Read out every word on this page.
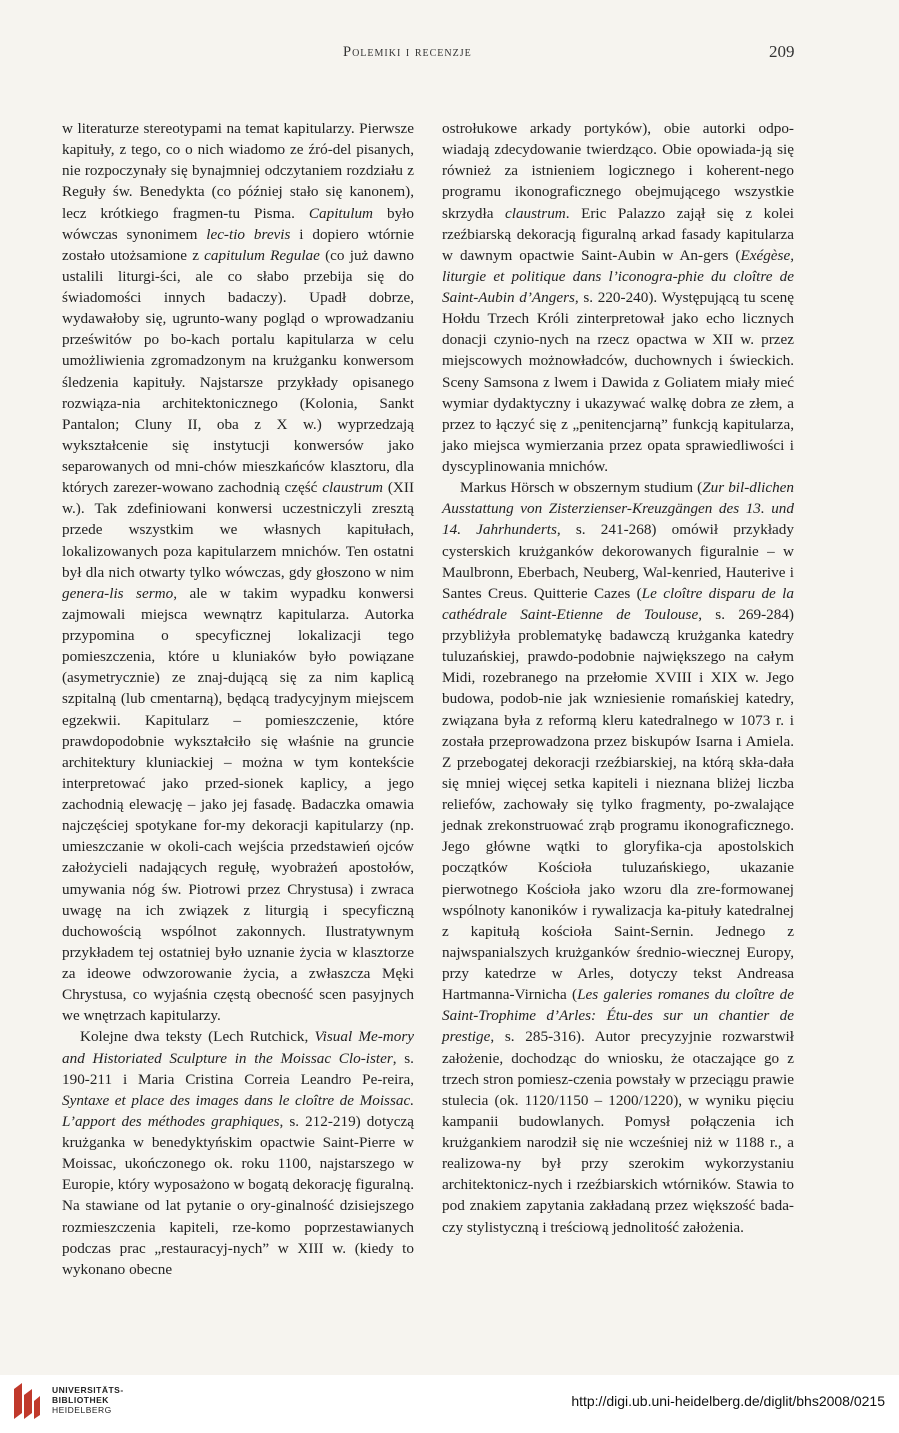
Polemiki i recenzje	209

w literaturze stereotypami na temat kapitularzy. Pierwsze kapituły, z tego, co o nich wiadomo ze źró-del pisanych, nie rozpoczynały się bynajmniej odczytaniem rozdziału z Reguły św. Benedykta (co później stało się kanonem), lecz krótkiego fragmen-tu Pisma. Capitulum było wówczas synonimem lec-tio brevis i dopiero wtórnie zostało utożsamione z capitulum Regulae (co już dawno ustalili liturgi-ści, ale co słabo przebija się do świadomości innych badaczy). Upadł dobrze, wydawałoby się, ugrunto-wany pogląd o wprowadzaniu prześwitów po bo-kach portalu kapitularza w celu umożliwienia zgromadzonym na krużganku konwersom śledzenia kapituły. Najstarsze przykłady opisanego rozwiąza-nia architektonicznego (Kolonia, Sankt Pantalon; Cluny II, oba z X w.) wyprzedzają wykształcenie się instytucji konwersów jako separowanych od mni-chów mieszkańców klasztoru, dla których zarezer-wowano zachodnią część claustrum (XII w.). Tak zdefiniowani konwersi uczestniczyli zresztą przede wszystkim we własnych kapitułach, lokalizowanych poza kapitularzem mnichów. Ten ostatni był dla nich otwarty tylko wówczas, gdy głoszono w nim genera-lis sermo, ale w takim wypadku konwersi zajmowali miejsca wewnątrz kapitularza. Autorka przypomina o specyficznej lokalizacji tego pomieszczenia, które u kluniaków było powiązane (asymetrycznie) ze znaj-dującą się za nim kaplicą szpitalną (lub cmentarną), będącą tradycyjnym miejscem egzekwii. Kapitularz – pomieszczenie, które prawdopodobnie wykształciło się właśnie na gruncie architektury kluniackiej – można w tym kontekście interpretować jako przed-sionek kaplicy, a jego zachodnią elewację – jako jej fasadę. Badaczka omawia najczęściej spotykane for-my dekoracji kapitularzy (np. umieszczanie w okoli-cach wejścia przedstawień ojców założycieli nadających regułę, wyobrażeń apostołów, umywania nóg św. Piotrowi przez Chrystusa) i zwraca uwagę na ich związek z liturgią i specyficzną duchowością wspólnot zakonnych. Ilustratywnym przykładem tej ostatniej było uznanie życia w klasztorze za ideowe odwzorowanie życia, a zwłaszcza Męki Chrystusa, co wyjaśnia częstą obecność scen pasyjnych we wnętrzach kapitularzy.

Kolejne dwa teksty (Lech Rutchick, Visual Me-mory and Historiated Sculpture in the Moissac Clo-ister, s. 190-211 i Maria Cristina Correia Leandro Pe-reira, Syntaxe et place des images dans le cloître de Moissac. L’apport des méthodes graphiques, s. 212-219) dotyczą krużganka w benedyktyńskim opactwie Saint-Pierre w Moissac, ukończonego ok. roku 1100, najstarszego w Europie, który wyposażono w bogatą dekorację figuralną. Na stawiane od lat pytanie o ory-ginalność dzisiejszego rozmieszczenia kapiteli, rze-komo poprzestawianych podczas prac „restauracyj-nych” w XIII w. (kiedy to wykonano obecne

ostrołukowe arkady portyków), obie autorki odpo-wiadają zdecydowanie twierdząco. Obie opowiada-ją się również za istnieniem logicznego i koherent-nego programu ikonograficznego obejmującego wszystkie skrzydła claustrum. Eric Palazzo zajął się z kolei rzeźbiarską dekoracją figuralną arkad fasady kapitularza w dawnym opactwie Saint-Aubin w An-gers (Exégèse, liturgie et politique dans l’iconogra-phie du cloître de Saint-Aubin d’Angers, s. 220-240). Występującą tu scenę Hołdu Trzech Króli zinterpretował jako echo licznych donacji czynio-nych na rzecz opactwa w XII w. przez miejscowych możnowładców, duchownych i świeckich. Sceny Samsona z lwem i Dawida z Goliatem miały mieć wymiar dydaktyczny i ukazywać walkę dobra ze złem, a przez to łączyć się z „penitencjarną” funkcją kapitularza, jako miejsca wymierzania przez opata sprawiedliwości i dyscyplinowania mnichów.

Markus Hörsch w obszernym studium (Zur bil-dlichen Ausstattung von Zisterzienser-Kreuzgängen des 13. und 14. Jahrhunderts, s. 241-268) omówił przykłady cysterskich krużganków dekorowanych figuralnie – w Maulbronn, Eberbach, Neuberg, Wal-kenried, Hauterive i Santes Creus. Quitterie Cazes (Le cloître disparu de la cathédrale Saint-Etienne de Toulouse, s. 269-284) przybliżyła problematykę badawczą krużganka katedry tuluzańskiej, prawdo-podobnie największego na całym Midi, rozebranego na przełomie XVIII i XIX w. Jego budowa, podob-nie jak wzniesienie romańskiej katedry, związana była z reformą kleru katedralnego w 1073 r. i została przeprowadzona przez biskupów Isarna i Amiela. Z przebogatej dekoracji rzeźbiarskiej, na którą skła-dała się mniej więcej setka kapiteli i nieznana bliżej liczba reliefów, zachowały się tylko fragmenty, po-zwalające jednak zrekonstruować zrąb programu ikonograficznego. Jego główne wątki to gloryfika-cja apostolskich początków Kościoła tuluzańskiego, ukazanie pierwotnego Kościoła jako wzoru dla zre-formowanej wspólnoty kanoników i rywalizacja ka-pituły katedralnej z kapitułą kościoła Saint-Sernin. Jednego z najwspanialszych krużganków średnio-wiecznej Europy, przy katedrze w Arles, dotyczy tekst Andreasa Hartmanna-Virnicha (Les galeries romanes du cloître de Saint-Trophime d’Arles: Étu-des sur un chantier de prestige, s. 285-316). Autor precyzyjnie rozwarstwił założenie, dochodząc do wniosku, że otaczające go z trzech stron pomiesz-czenia powstały w przeciągu prawie stulecia (ok. 1120/1150 – 1200/1220), w wyniku pięciu kampanii budowlanych. Pomysł połączenia ich krużgankiem narodził się nie wcześniej niż w 1188 r., a realizowa-ny był przy szerokim wykorzystaniu architektonicz-nych i rzeźbiarskich wtórników. Stawia to pod znakiem zapytania zakładaną przez większość bada-czy stylistyczną i treściową jednolitość założenia.

UNIVERSITÄTS-
BIBLIOTHEK
HEIDELBERG
http://digi.ub.uni-heidelberg.de/diglit/bhs2008/0215
